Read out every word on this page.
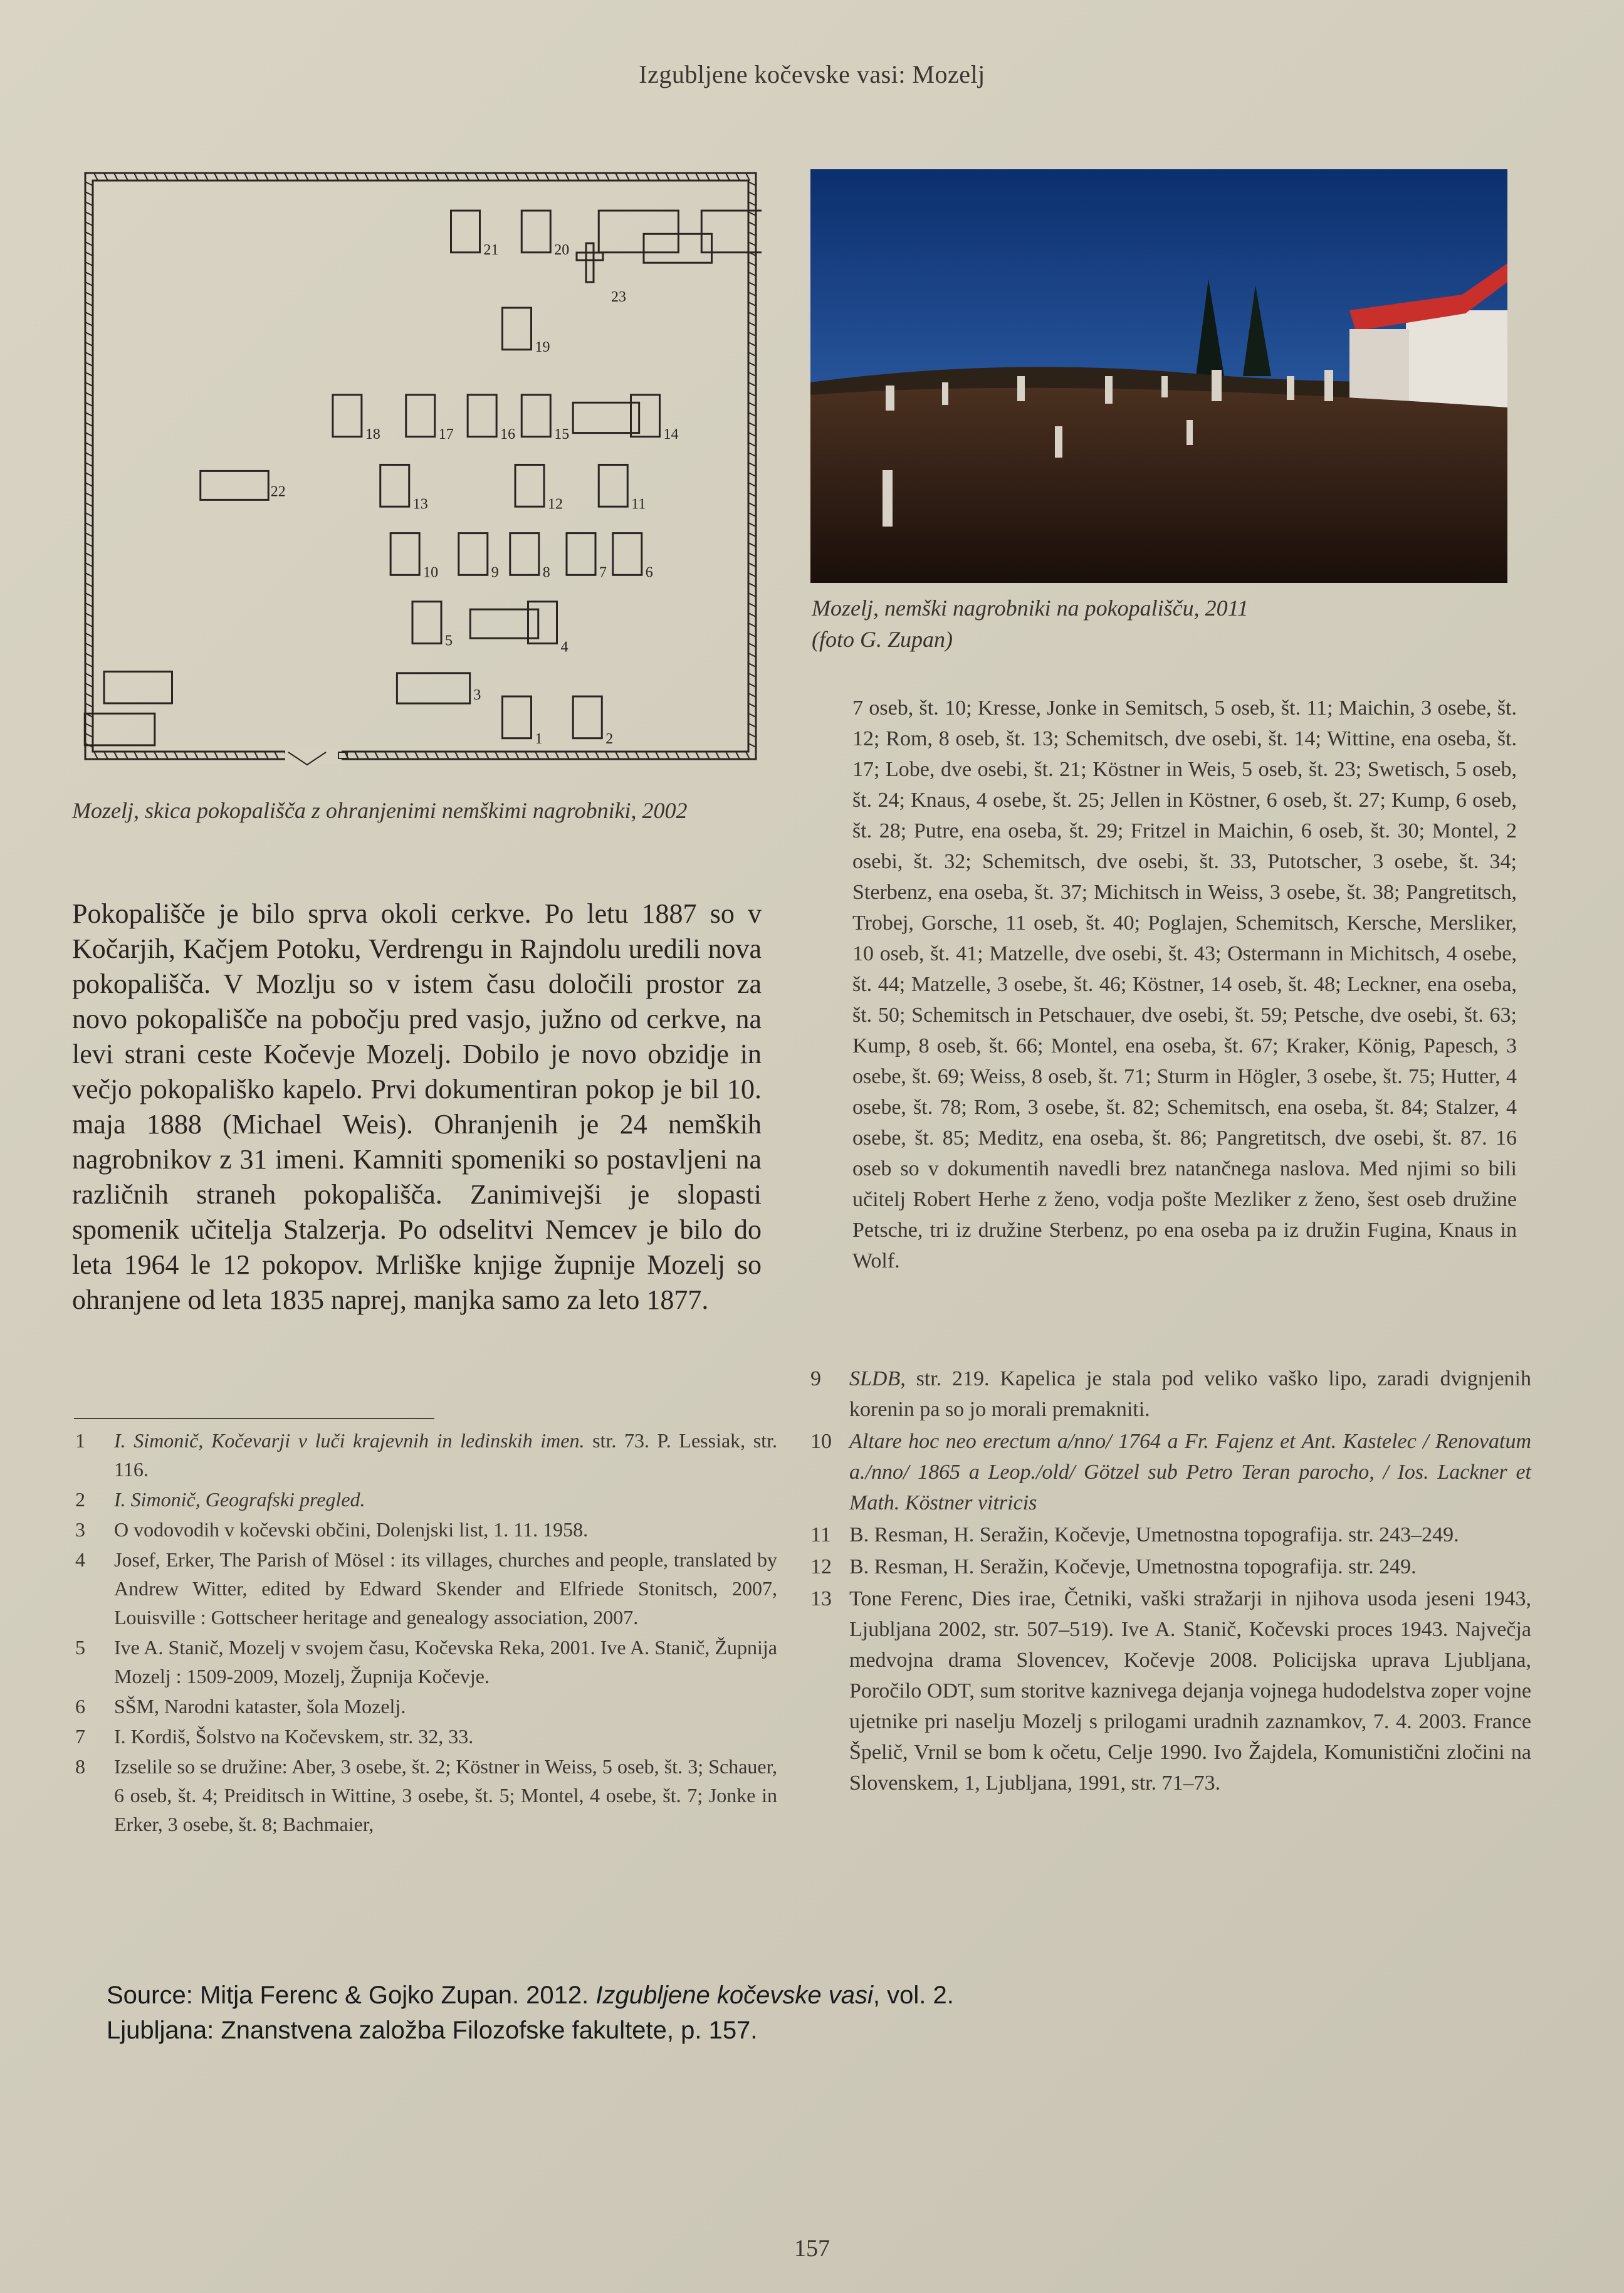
Izgubljene kočevske vasi: Mozelj
21	20
23
19
18	17	16	15	14
13	12	11
22
10	9	8	7	6
5	4
3
1	2
Mozelj, skica pokopališča z ohranjenimi nemškimi nagrobniki, 2002
Mozelj, nemški nagrobniki na pokopališču, 2011
(foto G. Zupan)
7 oseb, št. 10; Kresse, Jonke in Semitsch, 5 oseb, št. 11; Maichin, 3 osebe, št. 12; Rom, 8 oseb, št. 13; Schemitsch, dve osebi, št. 14; Wittine, ena oseba, št. 17; Lobe, dve osebi, št. 21; Köstner in Weis, 5 oseb, št. 23; Swetisch, 5 oseb, št. 24; Knaus, 4 osebe, št. 25; Jellen in Köstner, 6 oseb, št. 27; Kump, 6 oseb, št. 28; Putre, ena oseba, št. 29; Fritzel in Maichin, 6 oseb, št. 30; Montel, 2 osebi, št. 32; Schemitsch, dve osebi, št. 33, Putotscher, 3 osebe, št. 34; Sterbenz, ena oseba, št. 37; Michitsch in Weiss, 3 osebe, št. 38; Pangretitsch, Trobej, Gorsche, 11 oseb, št. 40; Poglajen, Schemitsch, Kersche, Mersliker, 10 oseb, št. 41; Matzelle, dve osebi, št. 43; Ostermann in Michitsch, 4 osebe, št. 44; Matzelle, 3 osebe, št. 46; Köstner, 14 oseb, št. 48; Leckner, ena oseba, št. 50; Schemitsch in Petschauer, dve osebi, št. 59; Petsche, dve osebi, št. 63; Kump, 8 oseb, št. 66; Montel, ena oseba, št. 67; Kraker, König, Papesch, 3 osebe, št. 69; Weiss, 8 oseb, št. 71; Sturm in Högler, 3 osebe, št. 75; Hutter, 4 osebe, št. 78; Rom, 3 osebe, št. 82; Schemitsch, ena oseba, št. 84; Stalzer, 4 osebe, št. 85; Meditz, ena oseba, št. 86; Pangretitsch, dve osebi, št. 87. 16 oseb so v dokumentih navedli brez natančnega naslova. Med njimi so bili učitelj Robert Herhe z ženo, vodja pošte Mezliker z ženo, šest oseb družine Petsche, tri iz družine Sterbenz, po ena oseba pa iz družin Fugina, Knaus in Wolf.
Pokopališče je bilo sprva okoli cerkve. Po letu 1887 so v Kočarjih, Kačjem Potoku, Verdrengu in Rajndolu uredili nova pokopališča. V Mozlju so v istem času določili prostor za novo pokopališče na pobočju pred vasjo, južno od cerkve, na levi strani ceste Kočevje Mozelj. Dobilo je novo obzidje in večjo pokopališko kapelo. Prvi dokumentiran pokop je bil 10. maja 1888 (Michael Weis). Ohranjenih je 24 nemških nagrobnikov z 31 imeni. Kamniti spomeniki so postavljeni na različnih straneh pokopališča. Zanimivejši je slopasti spomenik učitelja Stalzerja. Po odselitvi Nemcev je bilo do leta 1964 le 12 pokopov. Mrliške knjige župnije Mozelj so ohranjene od leta 1835 naprej, manjka samo za leto 1877.
1	I. Simonič, Kočevarji v luči krajevnih in ledinskih imen. str. 73. P. Lessiak, str. 116.
2	I. Simonič, Geografski pregled.
3	O vodovodih v kočevski občini, Dolenjski list, 1. 11. 1958.
4	Josef, Erker, The Parish of Mösel : its villages, churches and people, translated by Andrew Witter, edited by Edward Skender and Elfriede Stonitsch, 2007, Louisville : Gottscheer heritage and genealogy association, 2007.
5	Ive A. Stanič, Mozelj v svojem času, Kočevska Reka, 2001. Ive A. Stanič, Župnija Mozelj : 1509-2009, Mozelj, Župnija Kočevje.
6	SŠM, Narodni kataster, šola Mozelj.
7	I. Kordiš, Šolstvo na Kočevskem, str. 32, 33.
8	Izselile so se družine: Aber, 3 osebe, št. 2; Köstner in Weiss, 5 oseb, št. 3; Schauer, 6 oseb, št. 4; Preiditsch in Wittine, 3 osebe, št. 5; Montel, 4 osebe, št. 7; Jonke in Erker, 3 osebe, št. 8; Bachmaier,
9	SLDB, str. 219. Kapelica je stala pod veliko vaško lipo, zaradi dvignjenih korenin pa so jo morali premakniti.
10 Altare hoc neo erectum a/nno/ 1764 a Fr. Fajenz et Ant. Kastelec / Renovatum a./nno/ 1865 a Leop./old/ Götzel sub Petro Teran parocho, / Ios. Lackner et Math. Köstner vitricis
11 B. Resman, H. Seražin, Kočevje, Umetnostna topografija. str. 243–249.
12 B. Resman, H. Seražin, Kočevje, Umetnostna topografija. str. 249.
13 Tone Ferenc, Dies irae, Četniki, vaški stražarji in njihova usoda jeseni 1943, Ljubljana 2002, str. 507–519). Ive A. Stanič, Kočevski proces 1943. Največja medvojna drama Slovencev, Kočevje 2008. Policijska uprava Ljubljana, Poročilo ODT, sum storitve kaznivega dejanja vojnega hudodelstva zoper vojne ujetnike pri naselju Mozelj s prilogami uradnih zaznamkov, 7. 4. 2003. France Špelič, Vrnil se bom k očetu, Celje 1990. Ivo Žajdela, Komunistični zločini na Slovenskem, 1, Ljubljana, 1991, str. 71–73.
Source: Mitja Ferenc & Gojko Zupan. 2012. Izgubljene kočevske vasi, vol. 2.
Ljubljana: Znanstvena založba Filozofske fakultete, p. 157.
157
